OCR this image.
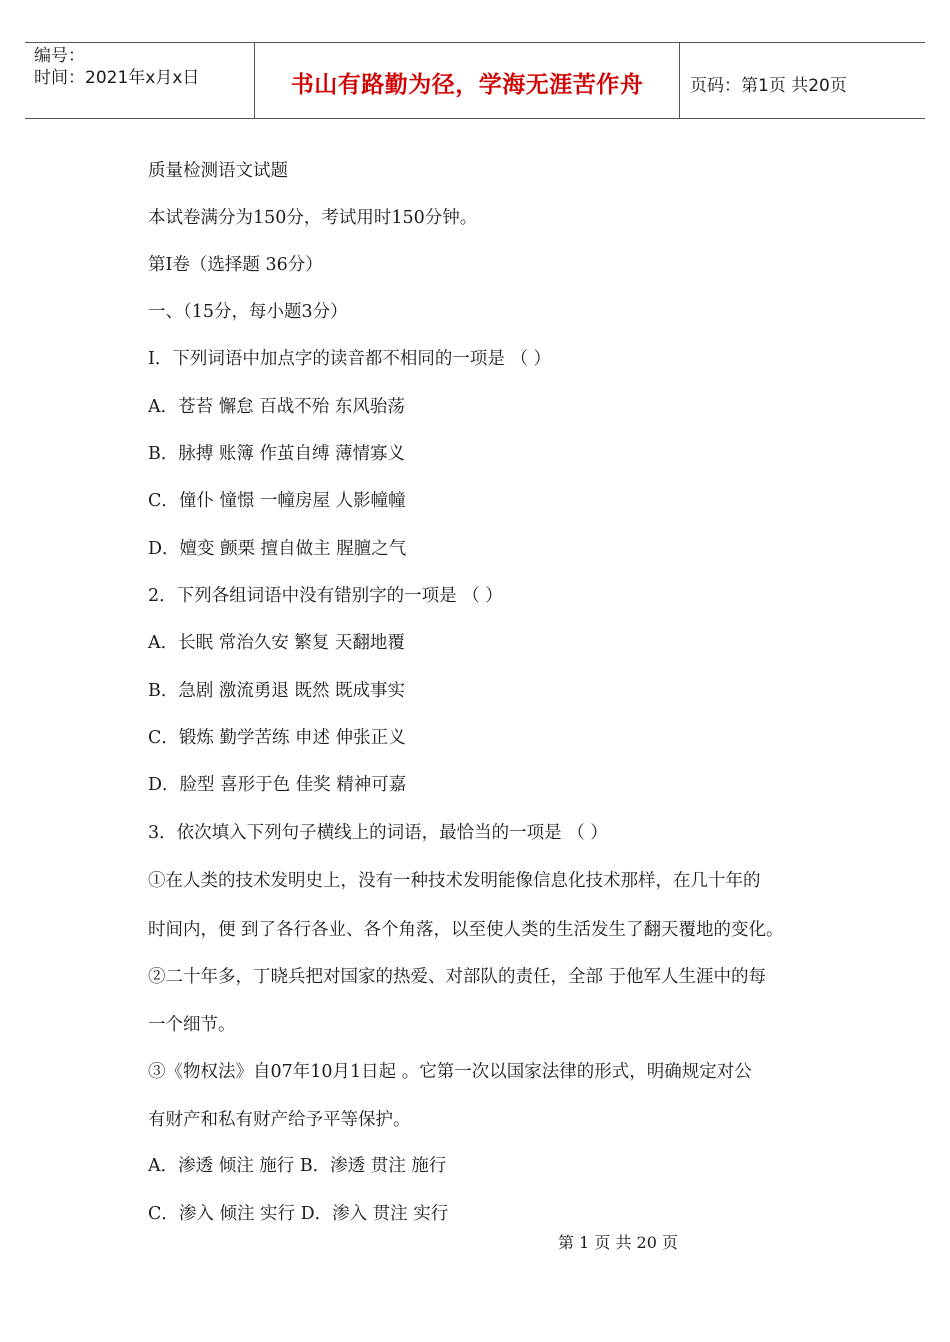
编号：
时间：2021年x月x日	书山有路勤为径，学海无涯苦作舟	页码：第1页 共20页
质量检测语文试题
本试卷满分为150分，考试用时150分钟。
第Ⅰ卷（选择题 36分）
一、（15分，每小题3分）
I．下列词语中加点字的读音都不相同的一项是 （ ）
A．苍苔 懈怠 百战不殆 东风骀荡
B．脉搏 账簿 作茧自缚 薄情寡义
C．僮仆 憧憬 一幢房屋 人影幢幢
D．嬗变 颤栗 擅自做主 腥膻之气
2．下列各组词语中没有错别字的一项是 （ ）
A．长眠 常治久安 繁复 天翻地覆
B．急剧 激流勇退 既然 既成事实
C．锻炼 勤学苦练 申述 伸张正义
D．脸型 喜形于色 佳奖 精神可嘉
3．依次填入下列句子横线上的词语，最恰当的一项是 （ ）
①在人类的技术发明史上，没有一种技术发明能像信息化技术那样，在几十年的
时间内，便 到了各行各业、各个角落，以至使人类的生活发生了翻天覆地的变化。
②二十年多，丁晓兵把对国家的热爱、对部队的责任，全部 于他军人生涯中的每
一个细节。
③《物权法》自07年10月1日起 。它第一次以国家法律的形式，明确规定对公
有财产和私有财产给予平等保护。
A．渗透 倾注 施行 B．渗透 贯注 施行
C．渗入 倾注 实行 D．渗入 贯注 实行
第 1 页 共 20 页
